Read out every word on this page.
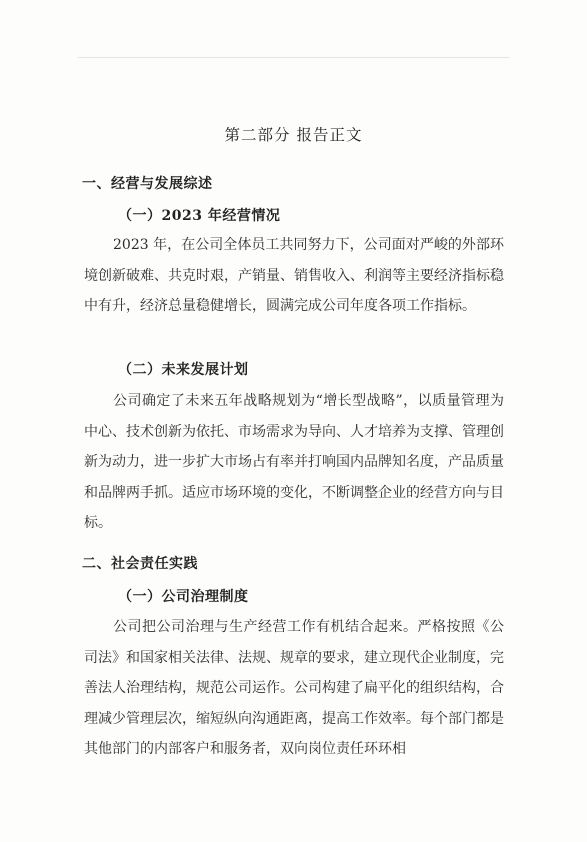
第二部分 报告正文
一、经营与发展综述
（一）2023 年经营情况

2023 年，在公司全体员工共同努力下，公司面对严峻的外部环境创新破难、共克时艰，产销量、销售收入、利润等主要经济指标稳中有升，经济总量稳健增长，圆满完成公司年度各项工作指标。

（二）未来发展计划

公司确定了未来五年战略规划为“增长型战略”，以质量管理为中心、技术创新为依托、市场需求为导向、人才培养为支撑、管理创新为动力，进一步扩大市场占有率并打响国内品牌知名度，产品质量和品牌两手抓。适应市场环境的变化，不断调整企业的经营方向与目标。

二、社会责任实践
（一）公司治理制度

公司把公司治理与生产经营工作有机结合起来。严格按照《公司法》和国家相关法律、法规、规章的要求，建立现代企业制度，完善法人治理结构，规范公司运作。公司构建了扁平化的组织结构，合理减少管理层次，缩短纵向沟通距离，提高工作效率。每个部门都是其他部门的内部客户和服务者，双向岗位责任环环相
